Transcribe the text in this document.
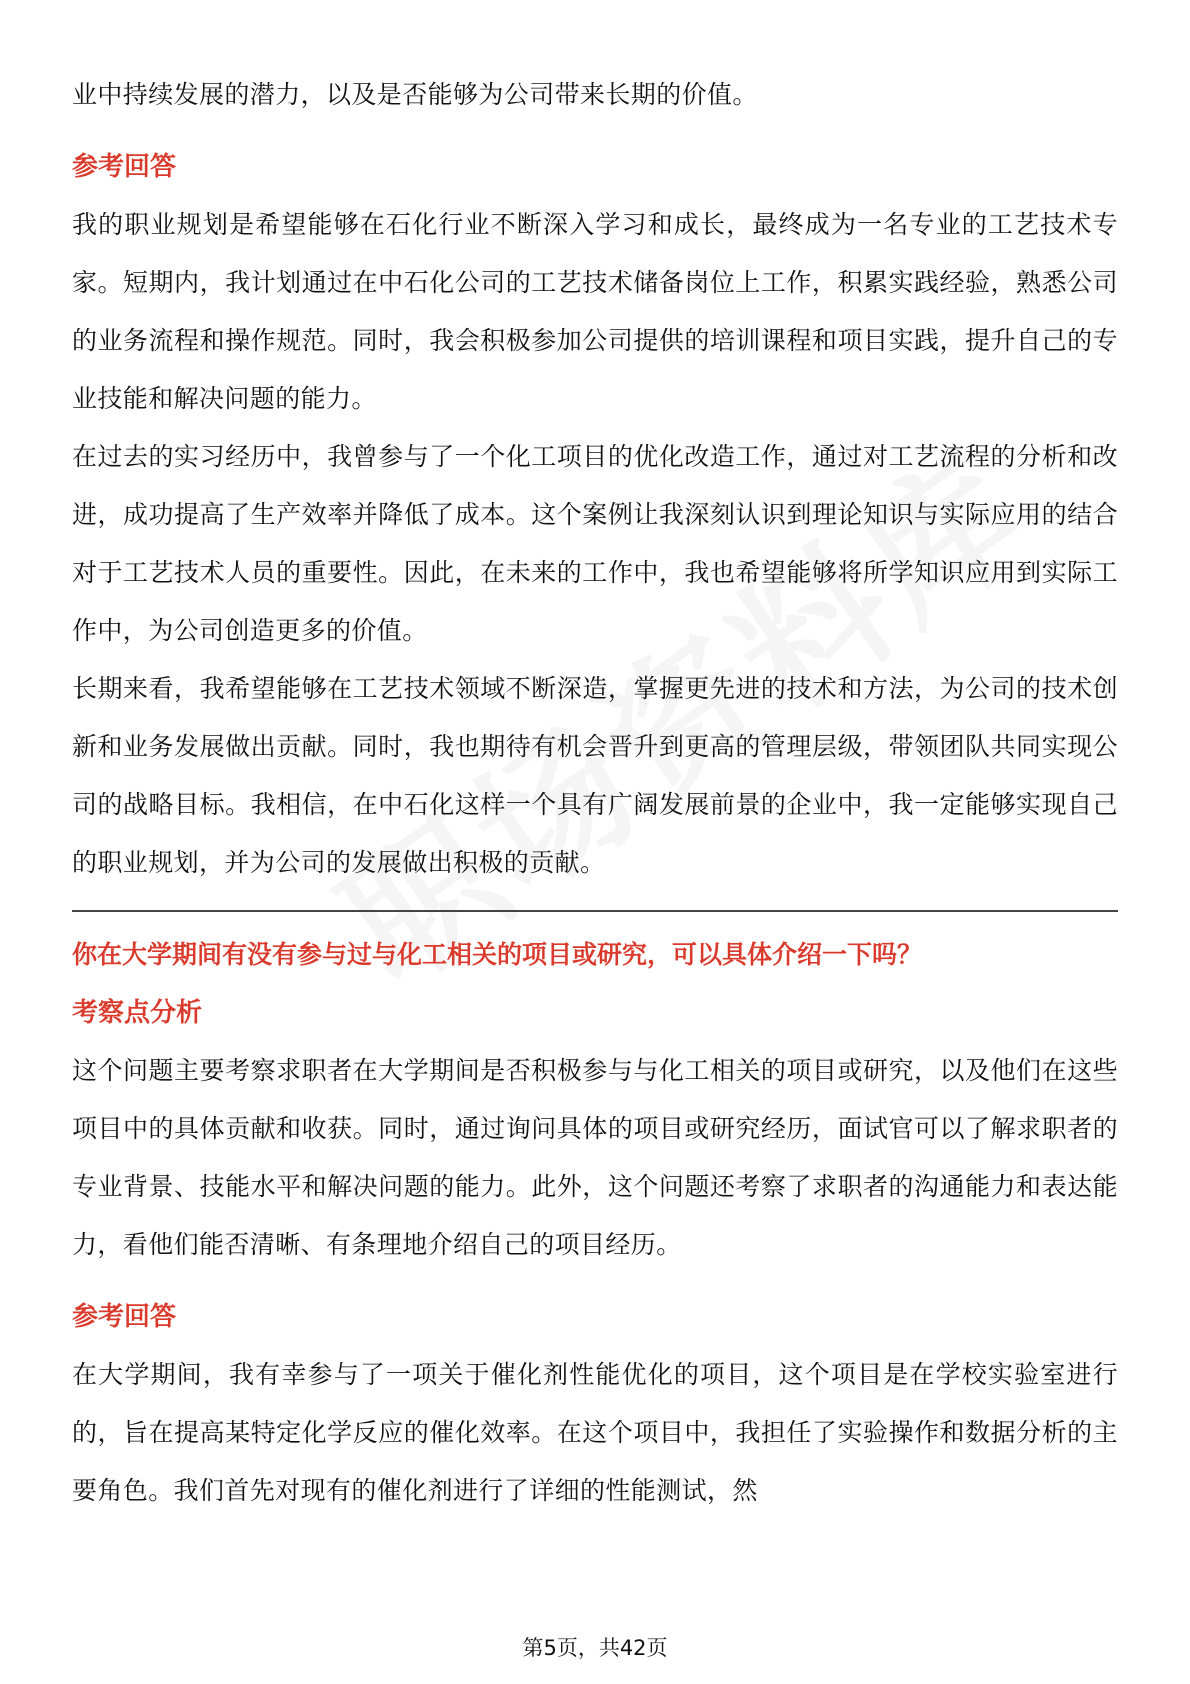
业中持续发展的潜力，以及是否能够为公司带来长期的价值。

参考回答

我的职业规划是希望能够在石化行业不断深入学习和成长，最终成为一名专业的工艺技术专家。短期内，我计划通过在中石化公司的工艺技术储备岗位上工作，积累实践经验，熟悉公司的业务流程和操作规范。同时，我会积极参加公司提供的培训课程和项目实践，提升自己的专业技能和解决问题的能力。

在过去的实习经历中，我曾参与了一个化工项目的优化改造工作，通过对工艺流程的分析和改进，成功提高了生产效率并降低了成本。这个案例让我深刻认识到理论知识与实际应用的结合对于工艺技术人员的重要性。因此，在未来的工作中，我也希望能够将所学知识应用到实际工作中，为公司创造更多的价值。

长期来看，我希望能够在工艺技术领域不断深造，掌握更先进的技术和方法，为公司的技术创新和业务发展做出贡献。同时，我也期待有机会晋升到更高的管理层级，带领团队共同实现公司的战略目标。我相信，在中石化这样一个具有广阔发展前景的企业中，我一定能够实现自己的职业规划，并为公司的发展做出积极的贡献。

你在大学期间有没有参与过与化工相关的项目或研究，可以具体介绍一下吗？

考察点分析

这个问题主要考察求职者在大学期间是否积极参与与化工相关的项目或研究，以及他们在这些项目中的具体贡献和收获。同时，通过询问具体的项目或研究经历，面试官可以了解求职者的专业背景、技能水平和解决问题的能力。此外，这个问题还考察了求职者的沟通能力和表达能力，看他们能否清晰、有条理地介绍自己的项目经历。

参考回答

在大学期间，我有幸参与了一项关于催化剂性能优化的项目，这个项目是在学校实验室进行的，旨在提高某特定化学反应的催化效率。在这个项目中，我担任了实验操作和数据分析的主要角色。我们首先对现有的催化剂进行了详细的性能测试，然

第5页，共42页
